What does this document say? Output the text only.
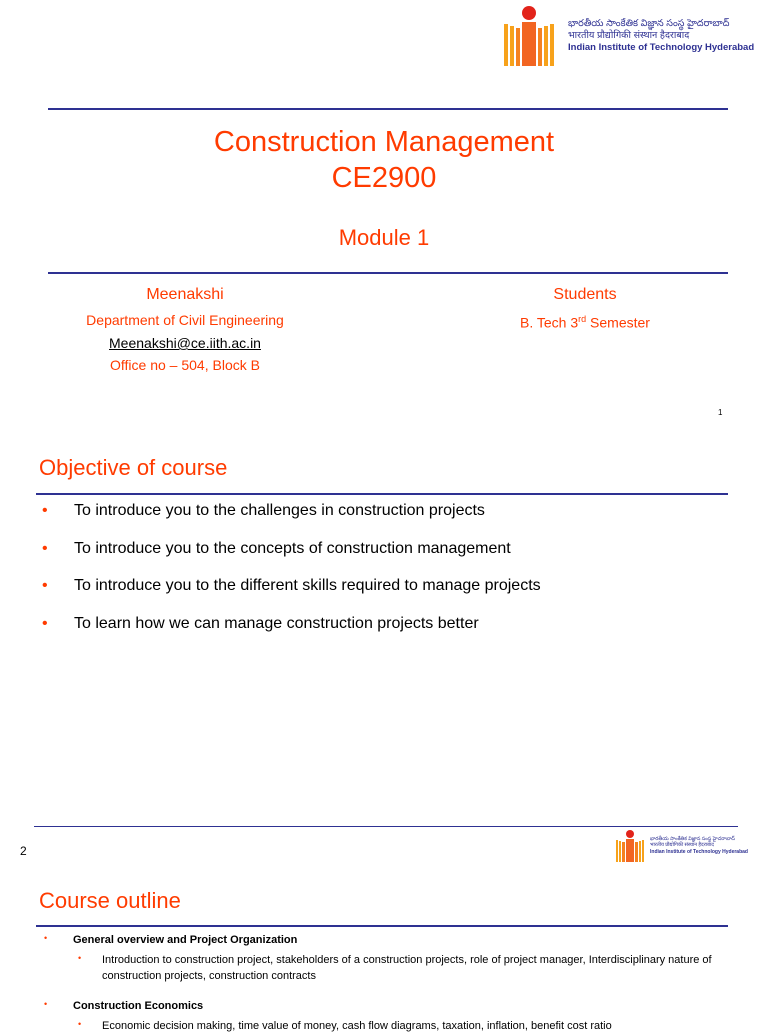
భారతీయ సాంకేతిక విజ్ఞాన సంస్థ హైదరాబాద్
भारतीय प्रौद्योगिकी संस्थान हैदराबाद
Indian Institute of Technology Hyderabad
Construction Management
CE2900
Module 1
Meenakshi
Department of Civil Engineering
Meenakshi@ce.iith.ac.in
Office no – 504, Block B
Students
B. Tech 3rd Semester
1
Objective of course
• To introduce you to the challenges in construction projects
• To introduce you to the concepts of construction management
• To introduce you to the different skills required to manage projects
• To learn how we can manage construction projects better
2
భారతీయ సాంకేతిక విజ్ఞాన సంస్థ హైదరాబాద్
भारतीय प्रौद्योगिकी संस्थान हैदराबाद
Indian Institute of Technology Hyderabad
Course outline
• General overview and Project Organization
• Introduction to construction project, stakeholders of a construction projects, role of project manager, Interdisciplinary nature of construction projects, construction contracts
• Construction Economics
• Economic decision making, time value of money, cash flow diagrams, taxation, inflation, benefit cost ratio
